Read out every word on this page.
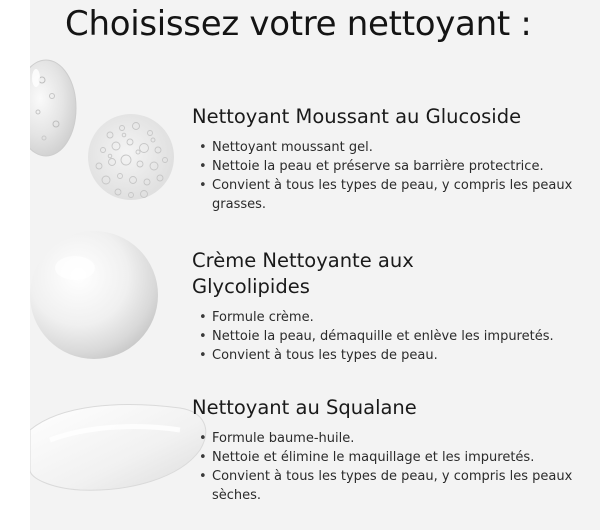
Choisissez votre nettoyant :
Nettoyant Moussant au Glucoside
• Nettoyant moussant gel.
• Nettoie la peau et préserve sa barrière protectrice.
• Convient à tous les types de peau, y compris les peaux grasses.
Crème Nettoyante aux
Glycolipides
• Formule crème.
• Nettoie la peau, démaquille et enlève les impuretés.
• Convient à tous les types de peau.
Nettoyant au Squalane
• Formule baume-huile.
• Nettoie et élimine le maquillage et les impuretés.
• Convient à tous les types de peau, y compris les peaux sèches.
